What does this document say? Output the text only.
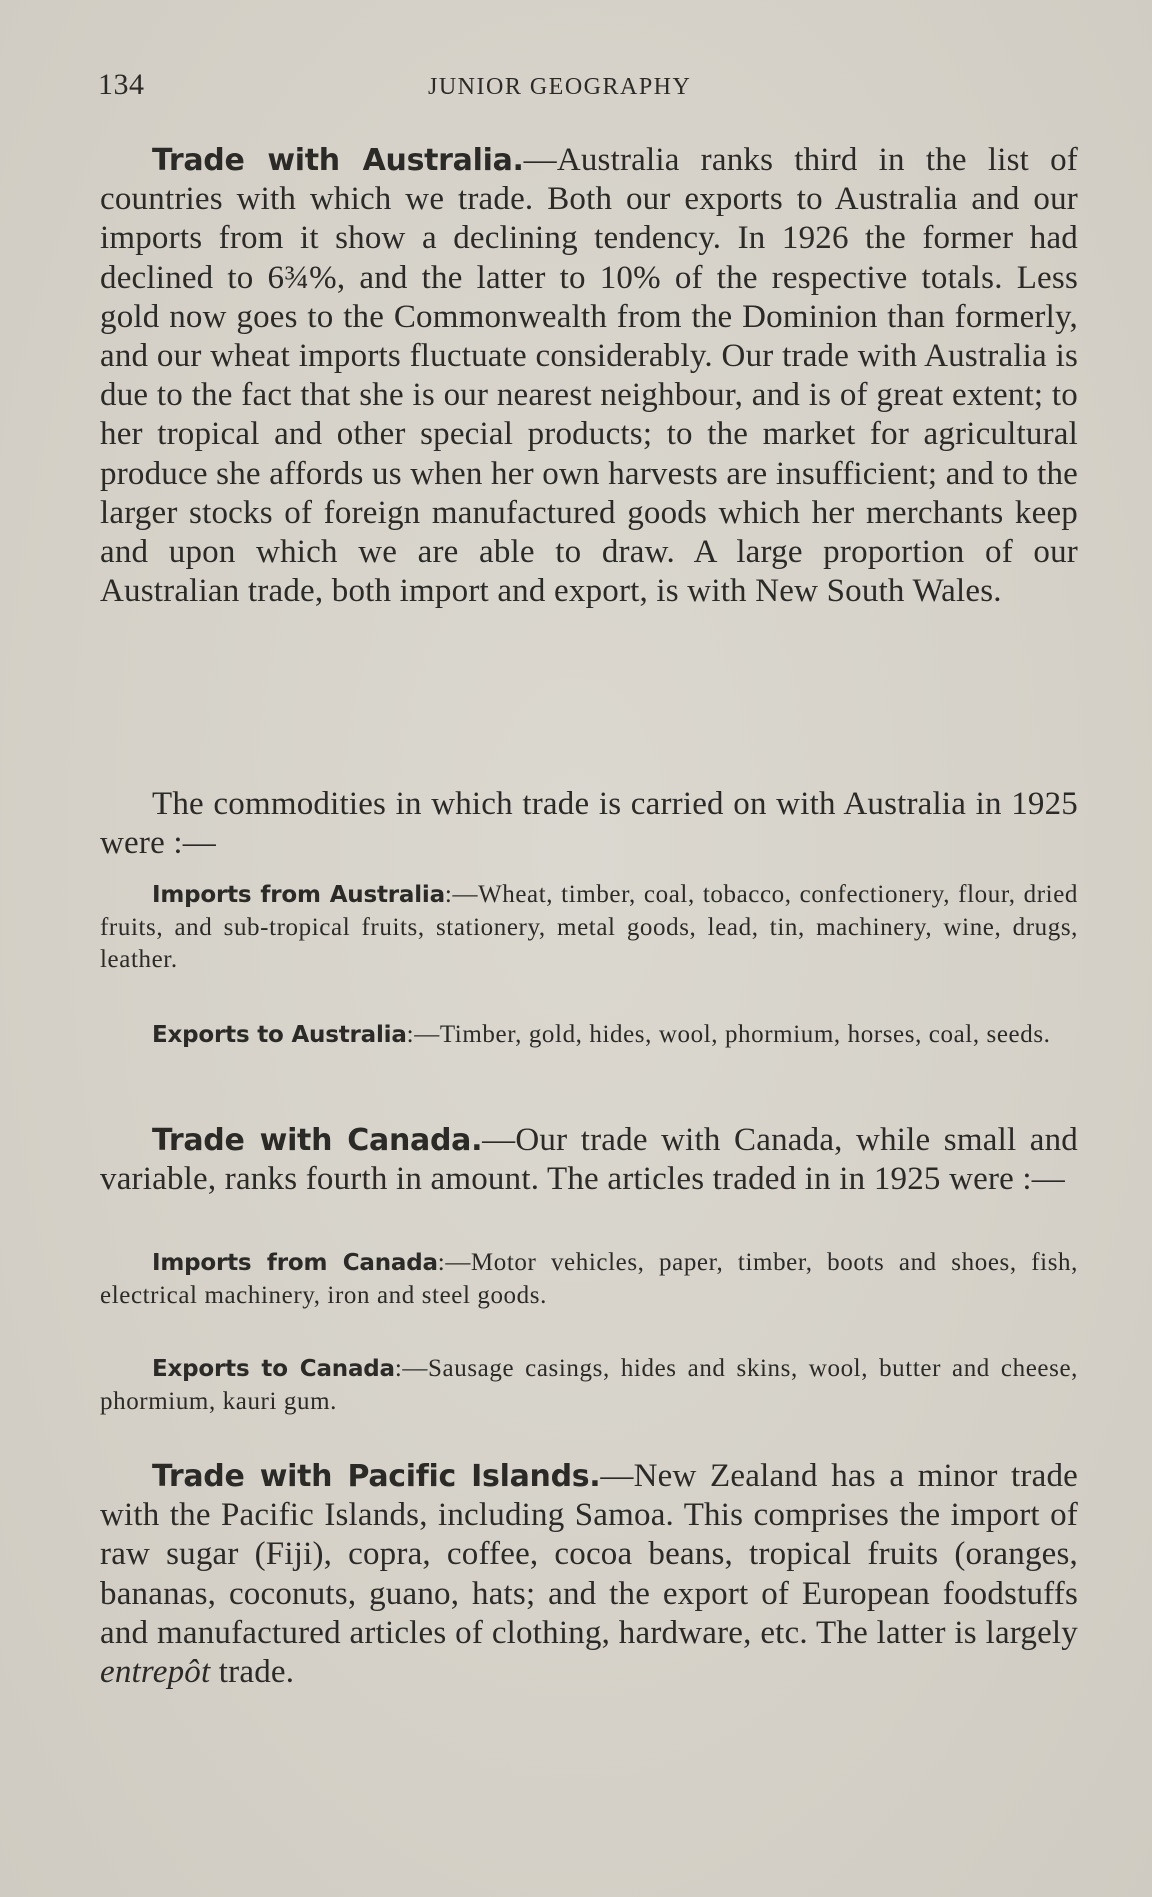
134	JUNIOR GEOGRAPHY
Trade with Australia.—Australia ranks third in the list of countries with which we trade. Both our exports to Australia and our imports from it show a declining tendency. In 1926 the former had declined to 6¾%, and the latter to 10% of the respective totals. Less gold now goes to the Commonwealth from the Dominion than formerly, and our wheat imports fluctuate considerably. Our trade with Australia is due to the fact that she is our nearest neighbour, and is of great extent; to her tropical and other special products; to the market for agricultural produce she affords us when her own harvests are insufficient; and to the larger stocks of foreign manufactured goods which her merchants keep and upon which we are able to draw. A large proportion of our Australian trade, both import and export, is with New South Wales.
The commodities in which trade is carried on with Australia in 1925 were :—
Imports from Australia:—Wheat, timber, coal, tobacco, confectionery, flour, dried fruits, and sub-tropical fruits, stationery, metal goods, lead, tin, machinery, wine, drugs, leather.
Exports to Australia:—Timber, gold, hides, wool, phormium, horses, coal, seeds.
Trade with Canada.—Our trade with Canada, while small and variable, ranks fourth in amount. The articles traded in in 1925 were :—
Imports from Canada:—Motor vehicles, paper, timber, boots and shoes, fish, electrical machinery, iron and steel goods.
Exports to Canada:—Sausage casings, hides and skins, wool, butter and cheese, phormium, kauri gum.
Trade with Pacific Islands.—New Zealand has a minor trade with the Pacific Islands, including Samoa. This comprises the import of raw sugar (Fiji), copra, coffee, cocoa beans, tropical fruits (oranges, bananas, coconuts, guano, hats; and the export of European foodstuffs and manufactured articles of clothing, hardware, etc. The latter is largely entrepôt trade.
